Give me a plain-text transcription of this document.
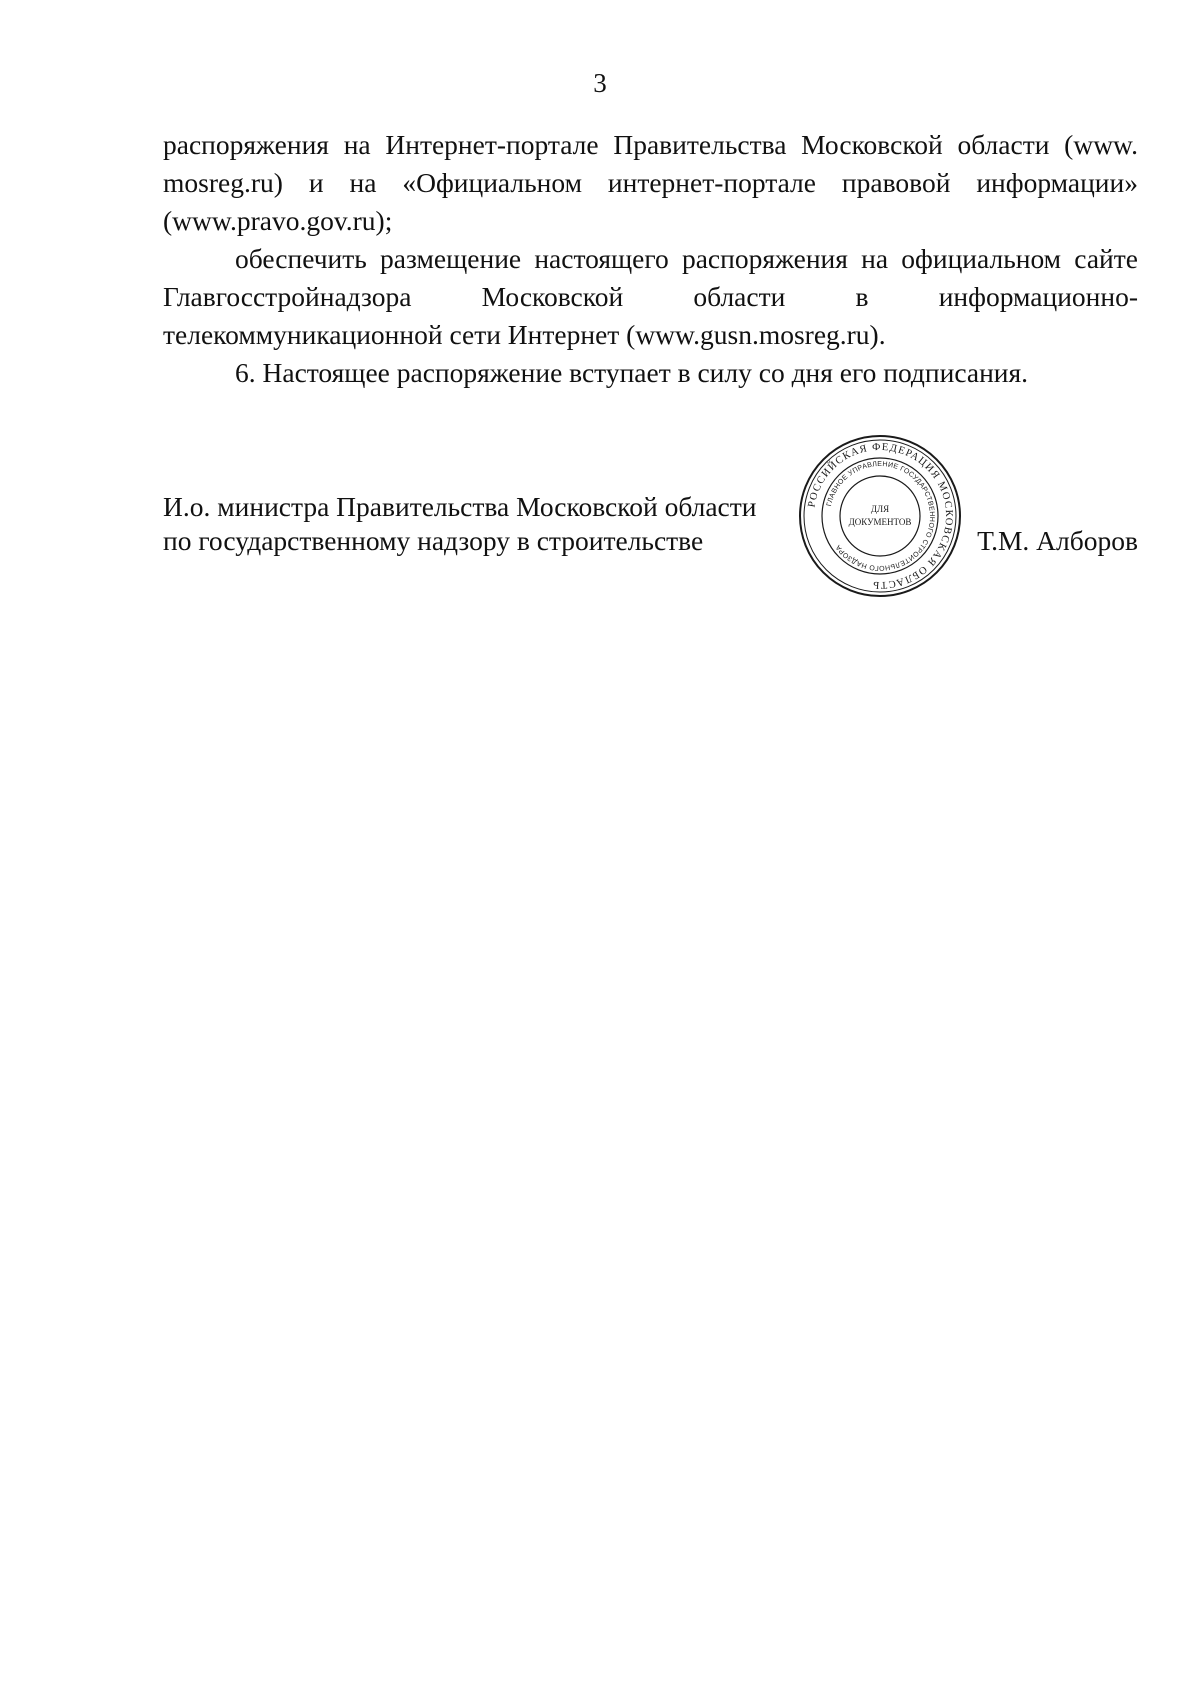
3

распоряжения на Интернет-портале Правительства Московской области (www. mosreg.ru) и на «Официальном интернет-портале правовой информации» (www.pravo.gov.ru);

обеспечить размещение настоящего распоряжения на официальном сайте Главгосстройнадзора Московской области в информационно-телекоммуникационной сети Интернет (www.gusn.mosreg.ru).

6. Настоящее распоряжение вступает в силу со дня его подписания.

И.о. министра Правительства Московской области
по государственному надзору в строительстве
РОССИЙСКАЯ ФЕДЕРАЦИЯ МОСКОВСКАЯ ОБЛАСТЬ
ГЛАВНОЕ УПРАВЛЕНИЕ ГОСУДАРСТВЕННОГО СТРОИТЕЛЬНОГО НАДЗОРА
ДЛЯ
ДОКУМЕНТОВ
Т.М. Алборов
